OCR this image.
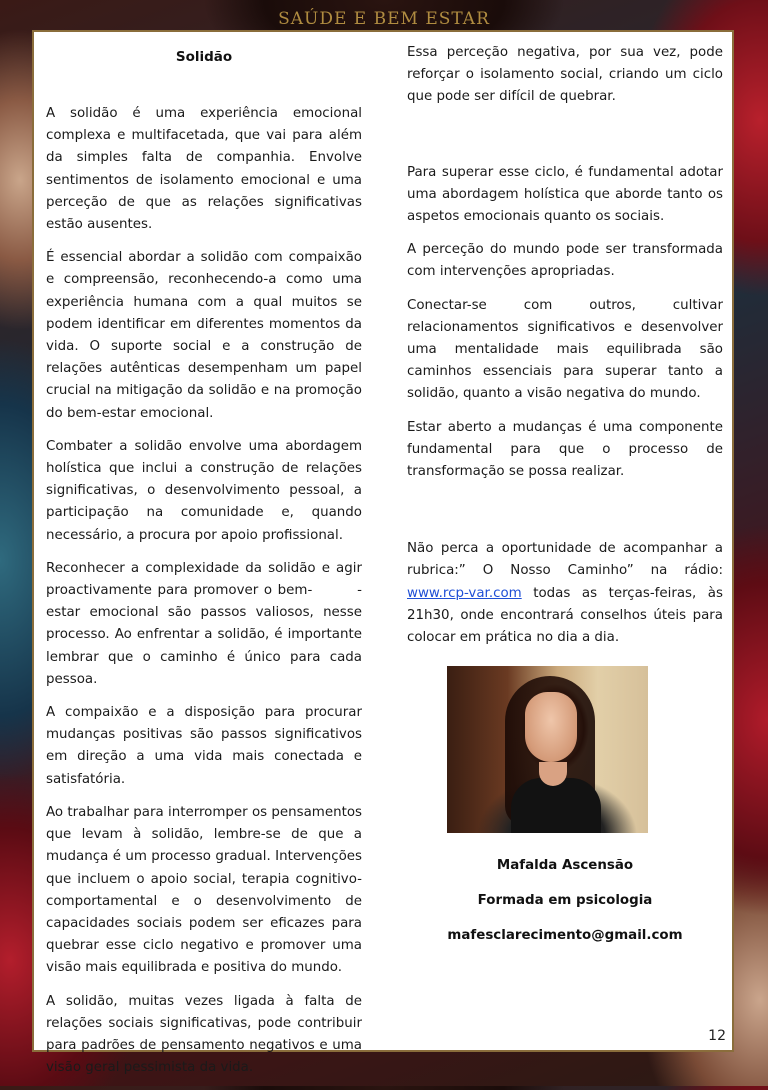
SAÚDE E BEM ESTAR
Solidão

A solidão é uma experiência emocional complexa e multifacetada, que vai para além da simples falta de companhia. Envolve sentimentos de isolamento emocional e uma perceção de que as relações significativas estão ausentes.

É essencial abordar a solidão com compaixão e compreensão, reconhecendo-a como uma experiência humana com a qual muitos se podem identificar em diferentes momentos da vida. O suporte social e a construção de relações autênticas desempenham um papel crucial na mitigação da solidão e na promoção do bem-estar emocional.

Combater a solidão envolve uma abordagem holística que inclui a construção de relações significativas, o desenvolvimento pessoal, a participação na comunidade e, quando necessário, a procura por apoio profissional.

Reconhecer a complexidade da solidão e agir proactivamente para promover o bem-        -estar emocional são passos valiosos, nesse processo. Ao enfrentar a solidão, é importante lembrar que o caminho é único para cada pessoa.

A compaixão e a disposição para procurar mudanças positivas são passos significativos em direção a uma vida mais conectada e satisfatória.

Ao trabalhar para interromper os pensamentos que levam à solidão, lembre-se de que a mudança é um processo gradual. Intervenções que incluem o apoio social, terapia cognitivo-comportamental e o desenvolvimento de capacidades sociais podem ser eficazes para quebrar esse ciclo negativo e promover uma visão mais equilibrada e positiva do mundo.

A solidão, muitas vezes ligada à falta de relações sociais significativas, pode contribuir para padrões de pensamento negativos e uma visão geral pessimista da vida.

Essa perceção negativa, por sua vez, pode reforçar o isolamento social, criando um ciclo que pode ser difícil de quebrar.

Para superar esse ciclo, é fundamental adotar uma abordagem holística que aborde tanto os aspetos emocionais quanto os sociais.

A perceção do mundo pode ser transformada com intervenções apropriadas.

Conectar-se com outros, cultivar relacionamentos significativos e desenvolver uma mentalidade mais equilibrada são caminhos essenciais para superar tanto a solidão, quanto a visão negativa do mundo.

Estar aberto a mudanças é uma componente fundamental para que o processo de transformação se possa realizar.

Não perca a oportunidade de acompanhar a rubrica:” O Nosso Caminho” na rádio: www.rcp-var.com todas as terças-feiras, às 21h30, onde encontrará conselhos úteis para colocar em prática no dia a dia.

Mafalda Ascensão
Formada em psicologia
mafesclarecimento@gmail.com
12
